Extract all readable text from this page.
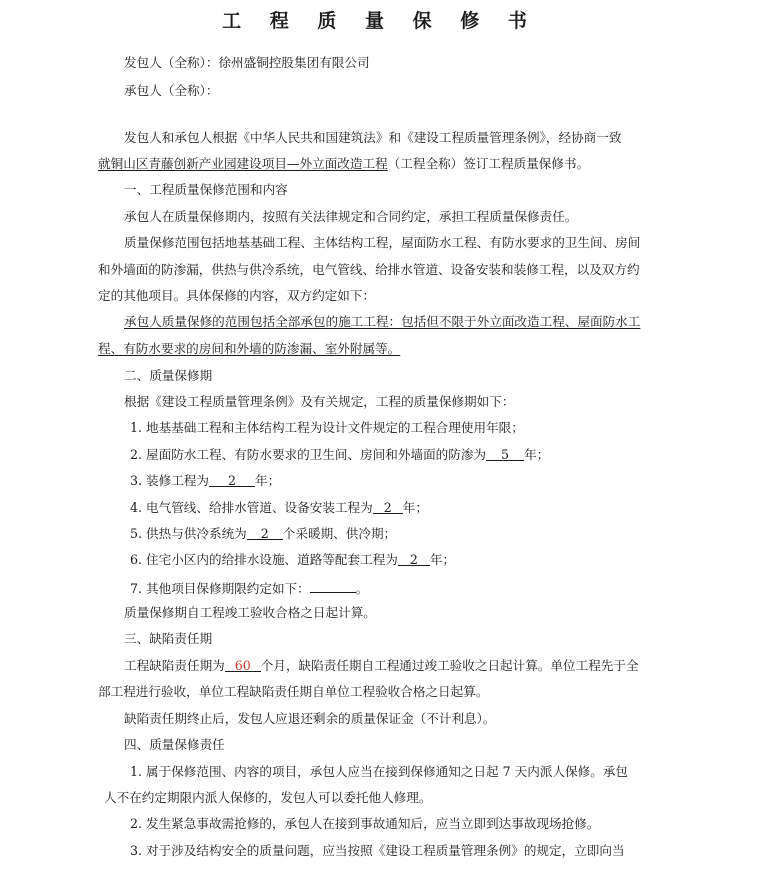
工 程 质 量 保 修 书
发包人（全称）：徐州盛铜控股集团有限公司
承包人（全称）：
发包人和承包人根据《中华人民共和国建筑法》和《建设工程质量管理条例》，经协商一致
就铜山区青藤创新产业园建设项目—外立面改造工程（工程全称）签订工程质量保修书。
一、工程质量保修范围和内容
承包人在质量保修期内，按照有关法律规定和合同约定，承担工程质量保修责任。
质量保修范围包括地基基础工程、主体结构工程，屋面防水工程、有防水要求的卫生间、房间
和外墙面的防渗漏，供热与供冷系统，电气管线、给排水管道、设备安装和装修工程，以及双方约
定的其他项目。具体保修的内容，双方约定如下：
承包人质量保修的范围包括全部承包的施工工程：包括但不限于外立面改造工程、屋面防水工
程、有防水要求的房间和外墙的防渗漏、室外附属等。
二、质量保修期
根据《建设工程质量管理条例》及有关规定，工程的质量保修期如下：
1. 地基基础工程和主体结构工程为设计文件规定的工程合理使用年限；
2. 屋面防水工程、有防水要求的卫生间、房间和外墙面的防渗为 5 年；
3. 装修工程为 2 年；
4. 电气管线、给排水管道、设备安装工程为 2 年；
5. 供热与供冷系统为 2 个采暖期、供冷期；
6. 住宅小区内的给排水设施、道路等配套工程为 2 年；
7. 其他项目保修期限约定如下：	。
质量保修期自工程竣工验收合格之日起计算。
三、缺陷责任期
工程缺陷责任期为 60 个月，缺陷责任期自工程通过竣工验收之日起计算。单位工程先于全
部工程进行验收，单位工程缺陷责任期自单位工程验收合格之日起算。
缺陷责任期终止后，发包人应退还剩余的质量保证金（不计利息）。
四、质量保修责任
1. 属于保修范围、内容的项目，承包人应当在接到保修通知之日起 7 天内派人保修。承包
人不在约定期限内派人保修的，发包人可以委托他人修理。
2. 发生紧急事故需抢修的，承包人在接到事故通知后，应当立即到达事故现场抢修。
3. 对于涉及结构安全的质量问题，应当按照《建设工程质量管理条例》的规定，立即向当
